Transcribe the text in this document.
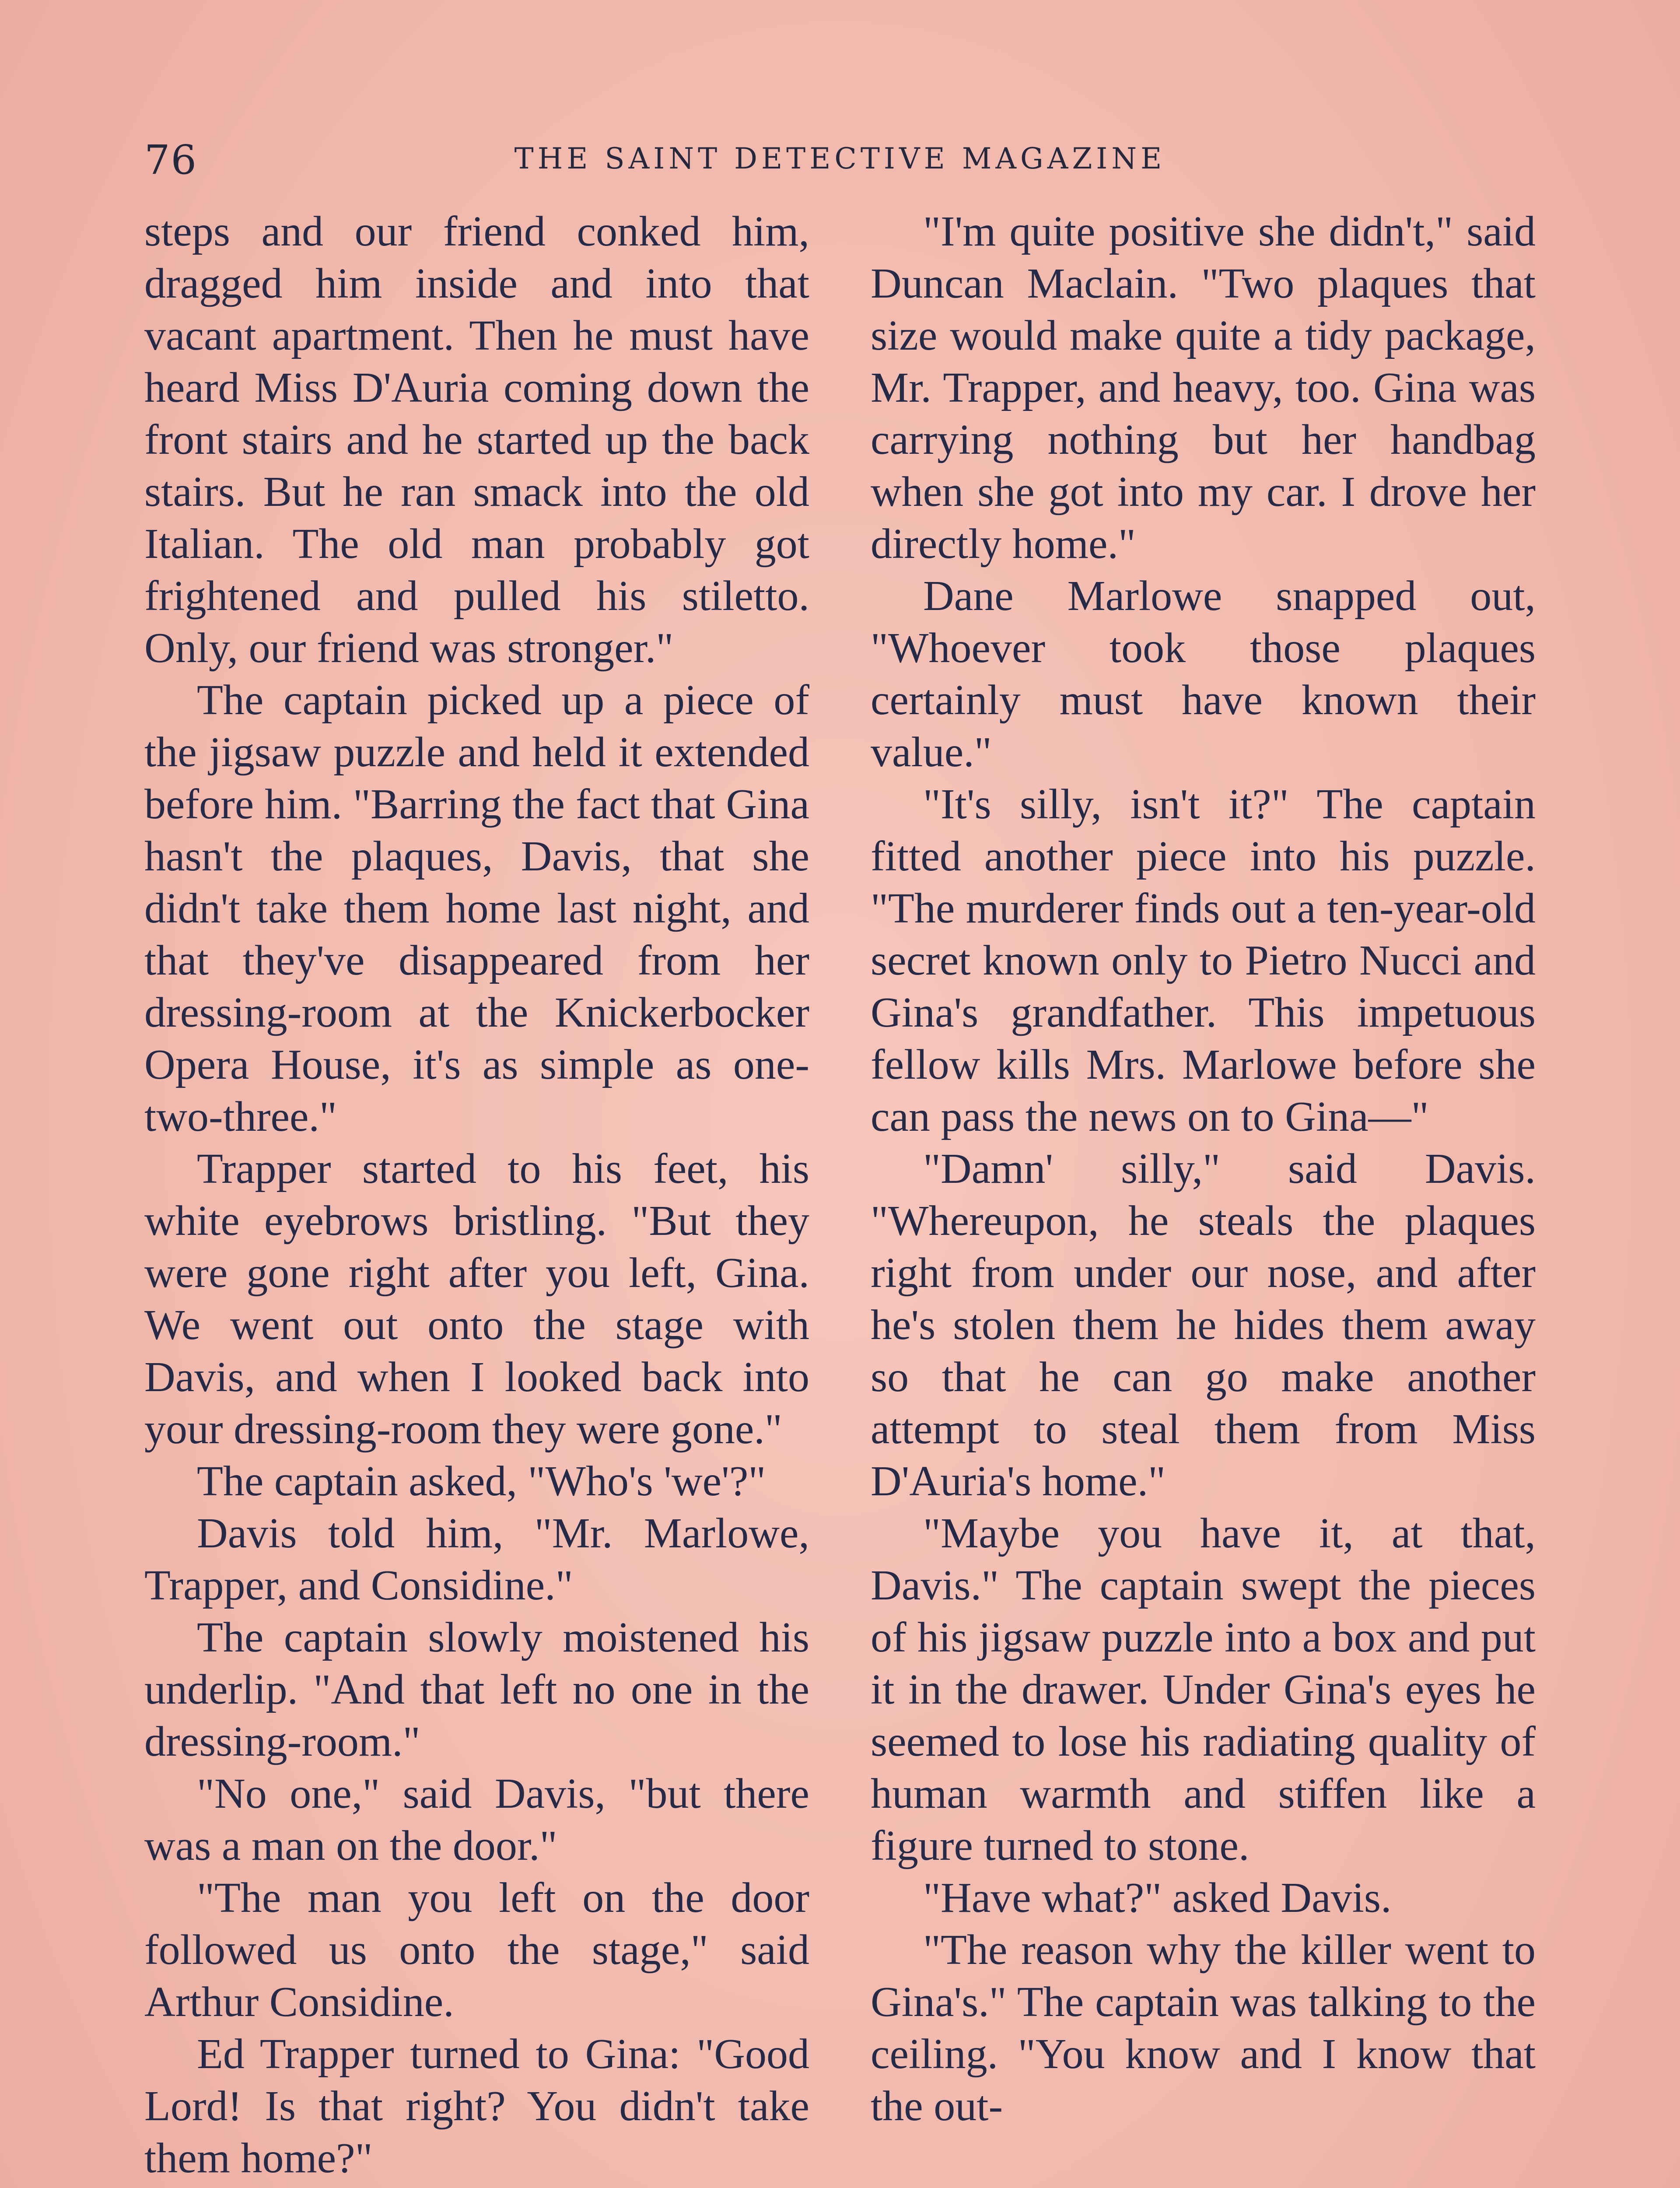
76	THE SAINT DETECTIVE MAGAZINE

steps and our friend conked him, dragged him inside and into that vacant apartment. Then he must have heard Miss D'Auria coming down the front stairs and he started up the back stairs. But he ran smack into the old Italian. The old man probably got frightened and pulled his stiletto. Only, our friend was stronger."

The captain picked up a piece of the jigsaw puzzle and held it extended before him. "Barring the fact that Gina hasn't the plaques, Davis, that she didn't take them home last night, and that they've disappeared from her dressing-room at the Knickerbocker Opera House, it's as simple as one-two-three."

Trapper started to his feet, his white eyebrows bristling. "But they were gone right after you left, Gina. We went out onto the stage with Davis, and when I looked back into your dressing-room they were gone."

The captain asked, "Who's 'we'?"

Davis told him, "Mr. Marlowe, Trapper, and Considine."

The captain slowly moistened his underlip. "And that left no one in the dressing-room."

"No one," said Davis, "but there was a man on the door."

"The man you left on the door followed us onto the stage," said Arthur Considine.

Ed Trapper turned to Gina: "Good Lord! Is that right? You didn't take them home?"

"I'm quite positive she didn't," said Duncan Maclain. "Two plaques that size would make quite a tidy package, Mr. Trapper, and heavy, too. Gina was carrying nothing but her handbag when she got into my car. I drove her directly home."

Dane Marlowe snapped out, "Whoever took those plaques certainly must have known their value."

"It's silly, isn't it?" The captain fitted another piece into his puzzle. "The murderer finds out a ten-year-old secret known only to Pietro Nucci and Gina's grandfather. This impetuous fellow kills Mrs. Marlowe before she can pass the news on to Gina—"

"Damn' silly," said Davis. "Whereupon, he steals the plaques right from under our nose, and after he's stolen them he hides them away so that he can go make another attempt to steal them from Miss D'Auria's home."

"Maybe you have it, at that, Davis." The captain swept the pieces of his jigsaw puzzle into a box and put it in the drawer. Under Gina's eyes he seemed to lose his radiating quality of human warmth and stiffen like a figure turned to stone.

"Have what?" asked Davis.

"The reason why the killer went to Gina's." The captain was talking to the ceiling. "You know and I know that the out-
